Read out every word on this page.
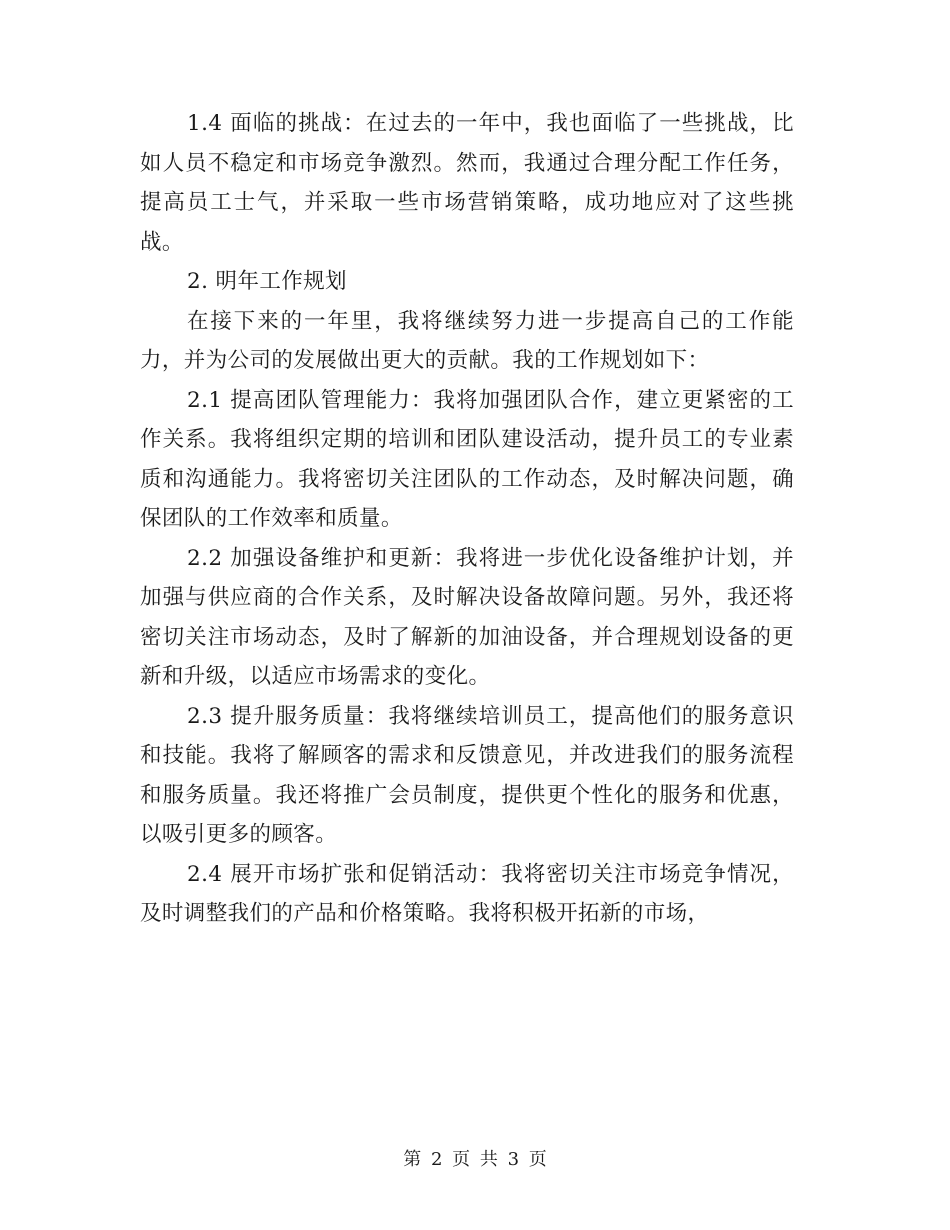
1.4 面临的挑战：在过去的一年中，我也面临了一些挑战，比如人员不稳定和市场竞争激烈。然而，我通过合理分配工作任务，提高员工士气，并采取一些市场营销策略，成功地应对了这些挑战。

2. 明年工作规划

在接下来的一年里，我将继续努力进一步提高自己的工作能力，并为公司的发展做出更大的贡献。我的工作规划如下：

2.1 提高团队管理能力：我将加强团队合作，建立更紧密的工作关系。我将组织定期的培训和团队建设活动，提升员工的专业素质和沟通能力。我将密切关注团队的工作动态，及时解决问题，确保团队的工作效率和质量。

2.2 加强设备维护和更新：我将进一步优化设备维护计划，并加强与供应商的合作关系，及时解决设备故障问题。另外，我还将密切关注市场动态，及时了解新的加油设备，并合理规划设备的更新和升级，以适应市场需求的变化。

2.3 提升服务质量：我将继续培训员工，提高他们的服务意识和技能。我将了解顾客的需求和反馈意见，并改进我们的服务流程和服务质量。我还将推广会员制度，提供更个性化的服务和优惠，以吸引更多的顾客。

2.4 展开市场扩张和促销活动：我将密切关注市场竞争情况，及时调整我们的产品和价格策略。我将积极开拓新的市场，

第 2 页 共 3 页
